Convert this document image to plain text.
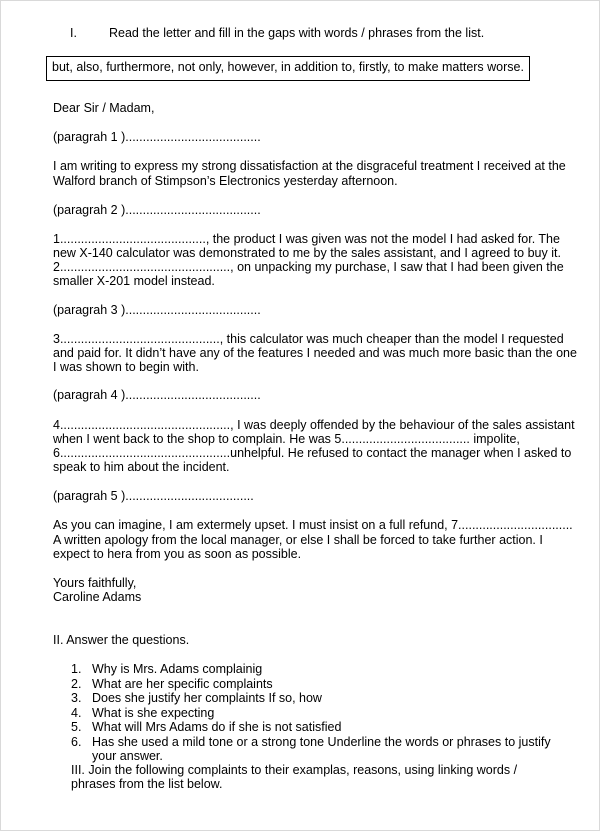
I.	Read the letter and fill in the gaps with words / phrases from the list.

but, also, furthermore, not only, however, in addition to, firstly, to make matters worse.

Dear Sir / Madam,

(paragrah 1 ).......................................

I am writing to express my strong dissatisfaction at the disgraceful treatment I received at the

Walford branch of Stimpson’s Electronics yesterday afternoon.

(paragrah 2 ).......................................

1.........................................., the product I was given was not the model I had asked for. The

new X-140 calculator was demonstrated to me by the sales assistant, and I agreed to buy it.

2................................................., on unpacking my purchase, I saw that I had been given the

smaller X-201 model instead.

(paragrah 3 ).......................................

3.............................................., this calculator was much cheaper than the model I requested

and paid for. It didn’t have any of the features I needed and was much more basic than the one

I was shown to begin with.

(paragrah 4 ).......................................

4................................................., I was deeply offended by the behaviour of the sales assistant

when I went back to the shop to complain. He was 5..................................... impolite,

6.................................................unhelpful. He refused to contact the manager when I asked to

speak to him about the incident.

(paragrah 5 ).....................................

As you can imagine, I am extermely upset. I must insist on a full refund, 7.................................

A written apology from the local manager, or else I shall be forced to take further action. I

expect to hera from you as soon as possible.

Yours faithfully,

Caroline Adams

II. Answer the questions.

1. Why is Mrs. Adams complainig
2. What are her specific complaints
3. Does she justify her complaints If so, how
4. What is she expecting
5. What will Mrs Adams do if she is not satisfied
6. Has she used a mild tone or a strong tone Underline the words or phrases to justify
your answer.

III. Join the following complaints to their examplas, reasons, using linking words /

phrases from the list below.
